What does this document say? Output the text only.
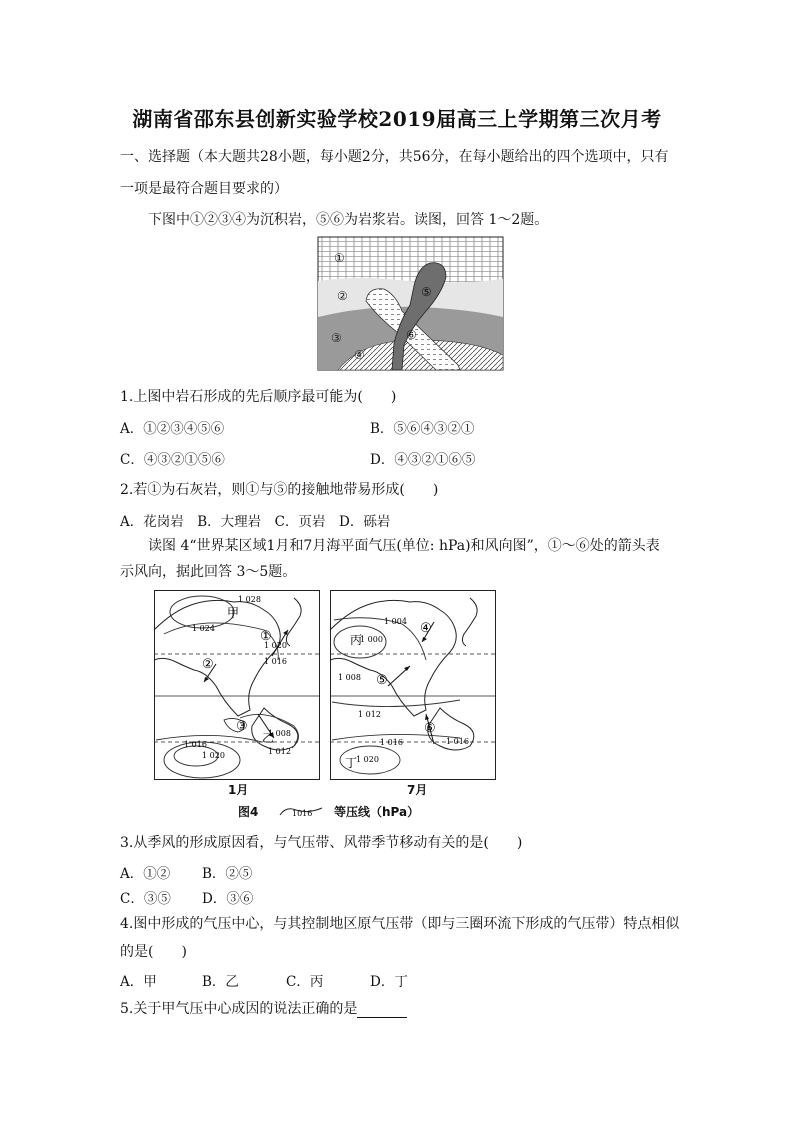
湖南省邵东县创新实验学校2019届高三上学期第三次月考
一、选择题（本大题共28小题，每小题2分，共56分，在每小题给出的四个选项中，只有
一项是最符合题目要求的）
下图中①②③④为沉积岩，⑤⑥为岩浆岩。读图，回答 1～2题。
①
②
③
④
⑤
⑥
1.上图中岩石形成的先后顺序最可能为(　　)
A．①②③④⑤⑥	B．⑤⑥④③②①
C．④③②①⑤⑥	D．④③②①⑥⑤
2.若①为石灰岩，则①与⑤的接触地带易形成(　　)
A．花岗岩　B．大理岩　C．页岩　D．砾岩
读图 4“世界某区域1月和7月海平面气压(单位: hPa)和风向图”，①～⑥处的箭头表
示风向，据此回答 3～5题。
甲
乙
①
②
③
1 028
1 024
1 020
1 016
1 008
1 012
1 016
1 020
丙
丁
④
⑤
⑥
1 004
1 000
1 008
1 012
1 016	1 016
1 020
1月	7月
图4	1016 等压线（hPa）
3.从季风的形成原因看，与气压带、风带季节移动有关的是(　　)
A．①② B．②⑤
C．③⑤ D．③⑥
4.图中形成的气压中心，与其控制地区原气压带（即与三圈环流下形成的气压带）特点相似
的是(　　)
A．甲	B．乙	C．丙	D．丁
5.关于甲气压中心成因的说法正确的是
